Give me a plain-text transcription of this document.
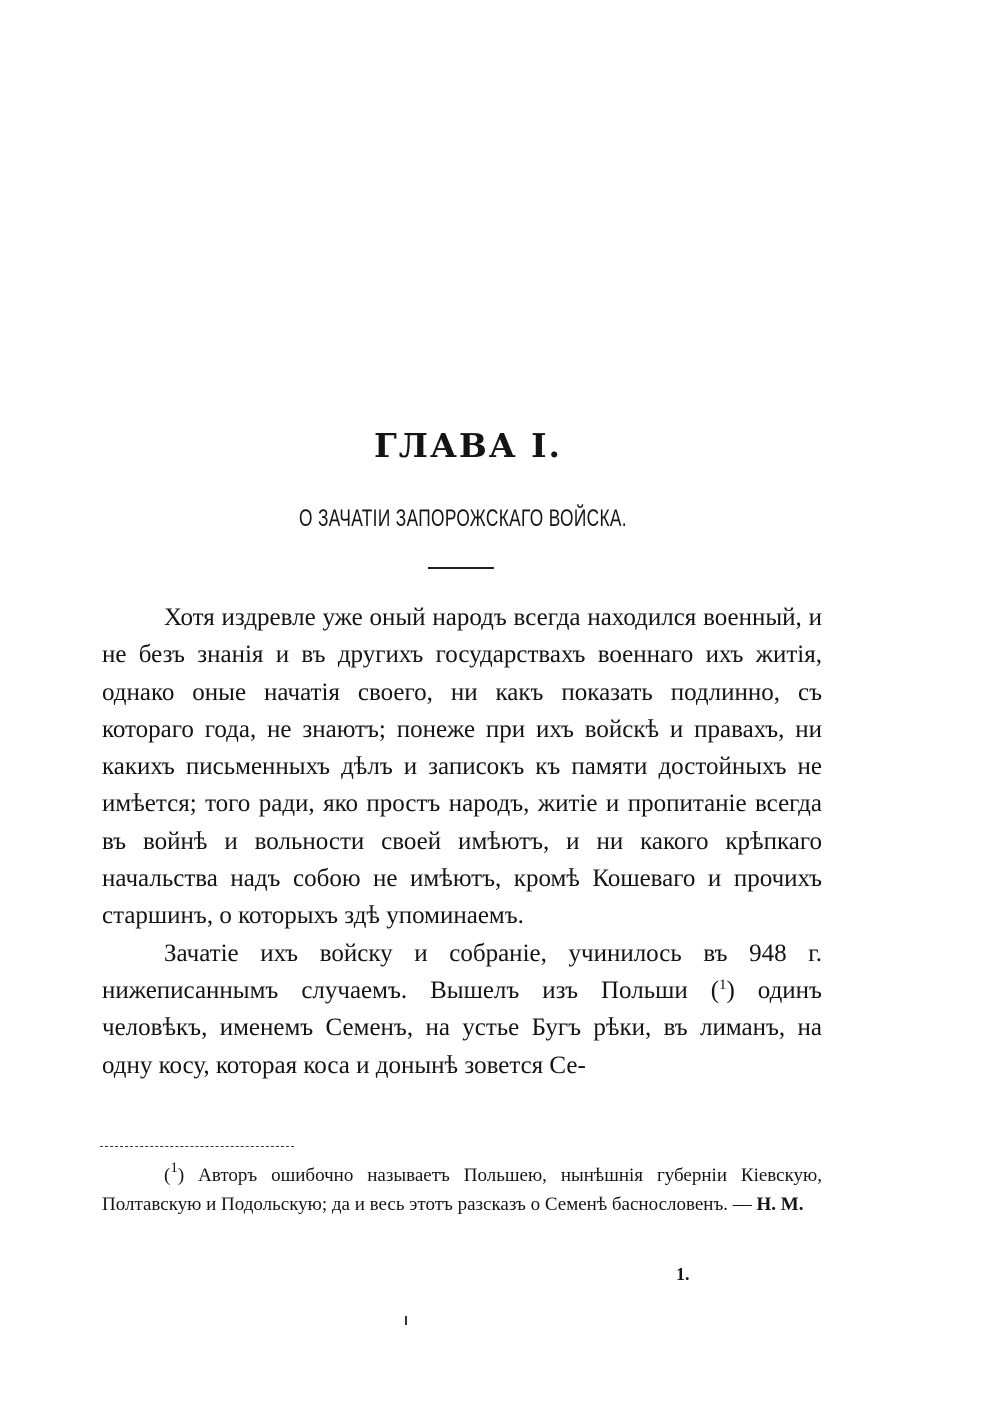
ГЛАВА I.
О ЗАЧАТІИ ЗАПОРОЖСКАГО ВОЙСКА.

Хотя издревле уже оный народъ всегда находился военный, и не безъ знанія и въ другихъ государствахъ военнаго ихъ житія, однако оные начатія своего, ни какъ показать подлинно, съ котораго года, не знаютъ; понеже при ихъ войскѣ и правахъ, ни какихъ письменныхъ дѣлъ и записокъ къ памяти достойныхъ не имѣется; того ради, яко простъ народъ, житіе и пропитаніе всегда въ войнѣ и вольности своей имѣютъ, и ни какого крѣпкаго начальства надъ собою не имѣютъ, кромѣ Кошеваго и прочихъ старшинъ, о которыхъ здѣ упоминаемъ.

Зачатіе ихъ войску и собраніе, учинилось въ 948 г. нижеписаннымъ случаемъ. Вышелъ изъ Польши ($^1$) одинъ человѣкъ, именемъ Семенъ, на устье Бугъ рѣки, въ лиманъ, на одну косу, которая коса и донынѣ зовется Се-

($^1$) Авторъ ошибочно называетъ Польшею, нынѣшнія губерніи Кіевскую, Полтавскую и Подольскую; да и весь этотъ разсказъ о Семенѣ баснословенъ. — Н. М.
1.
